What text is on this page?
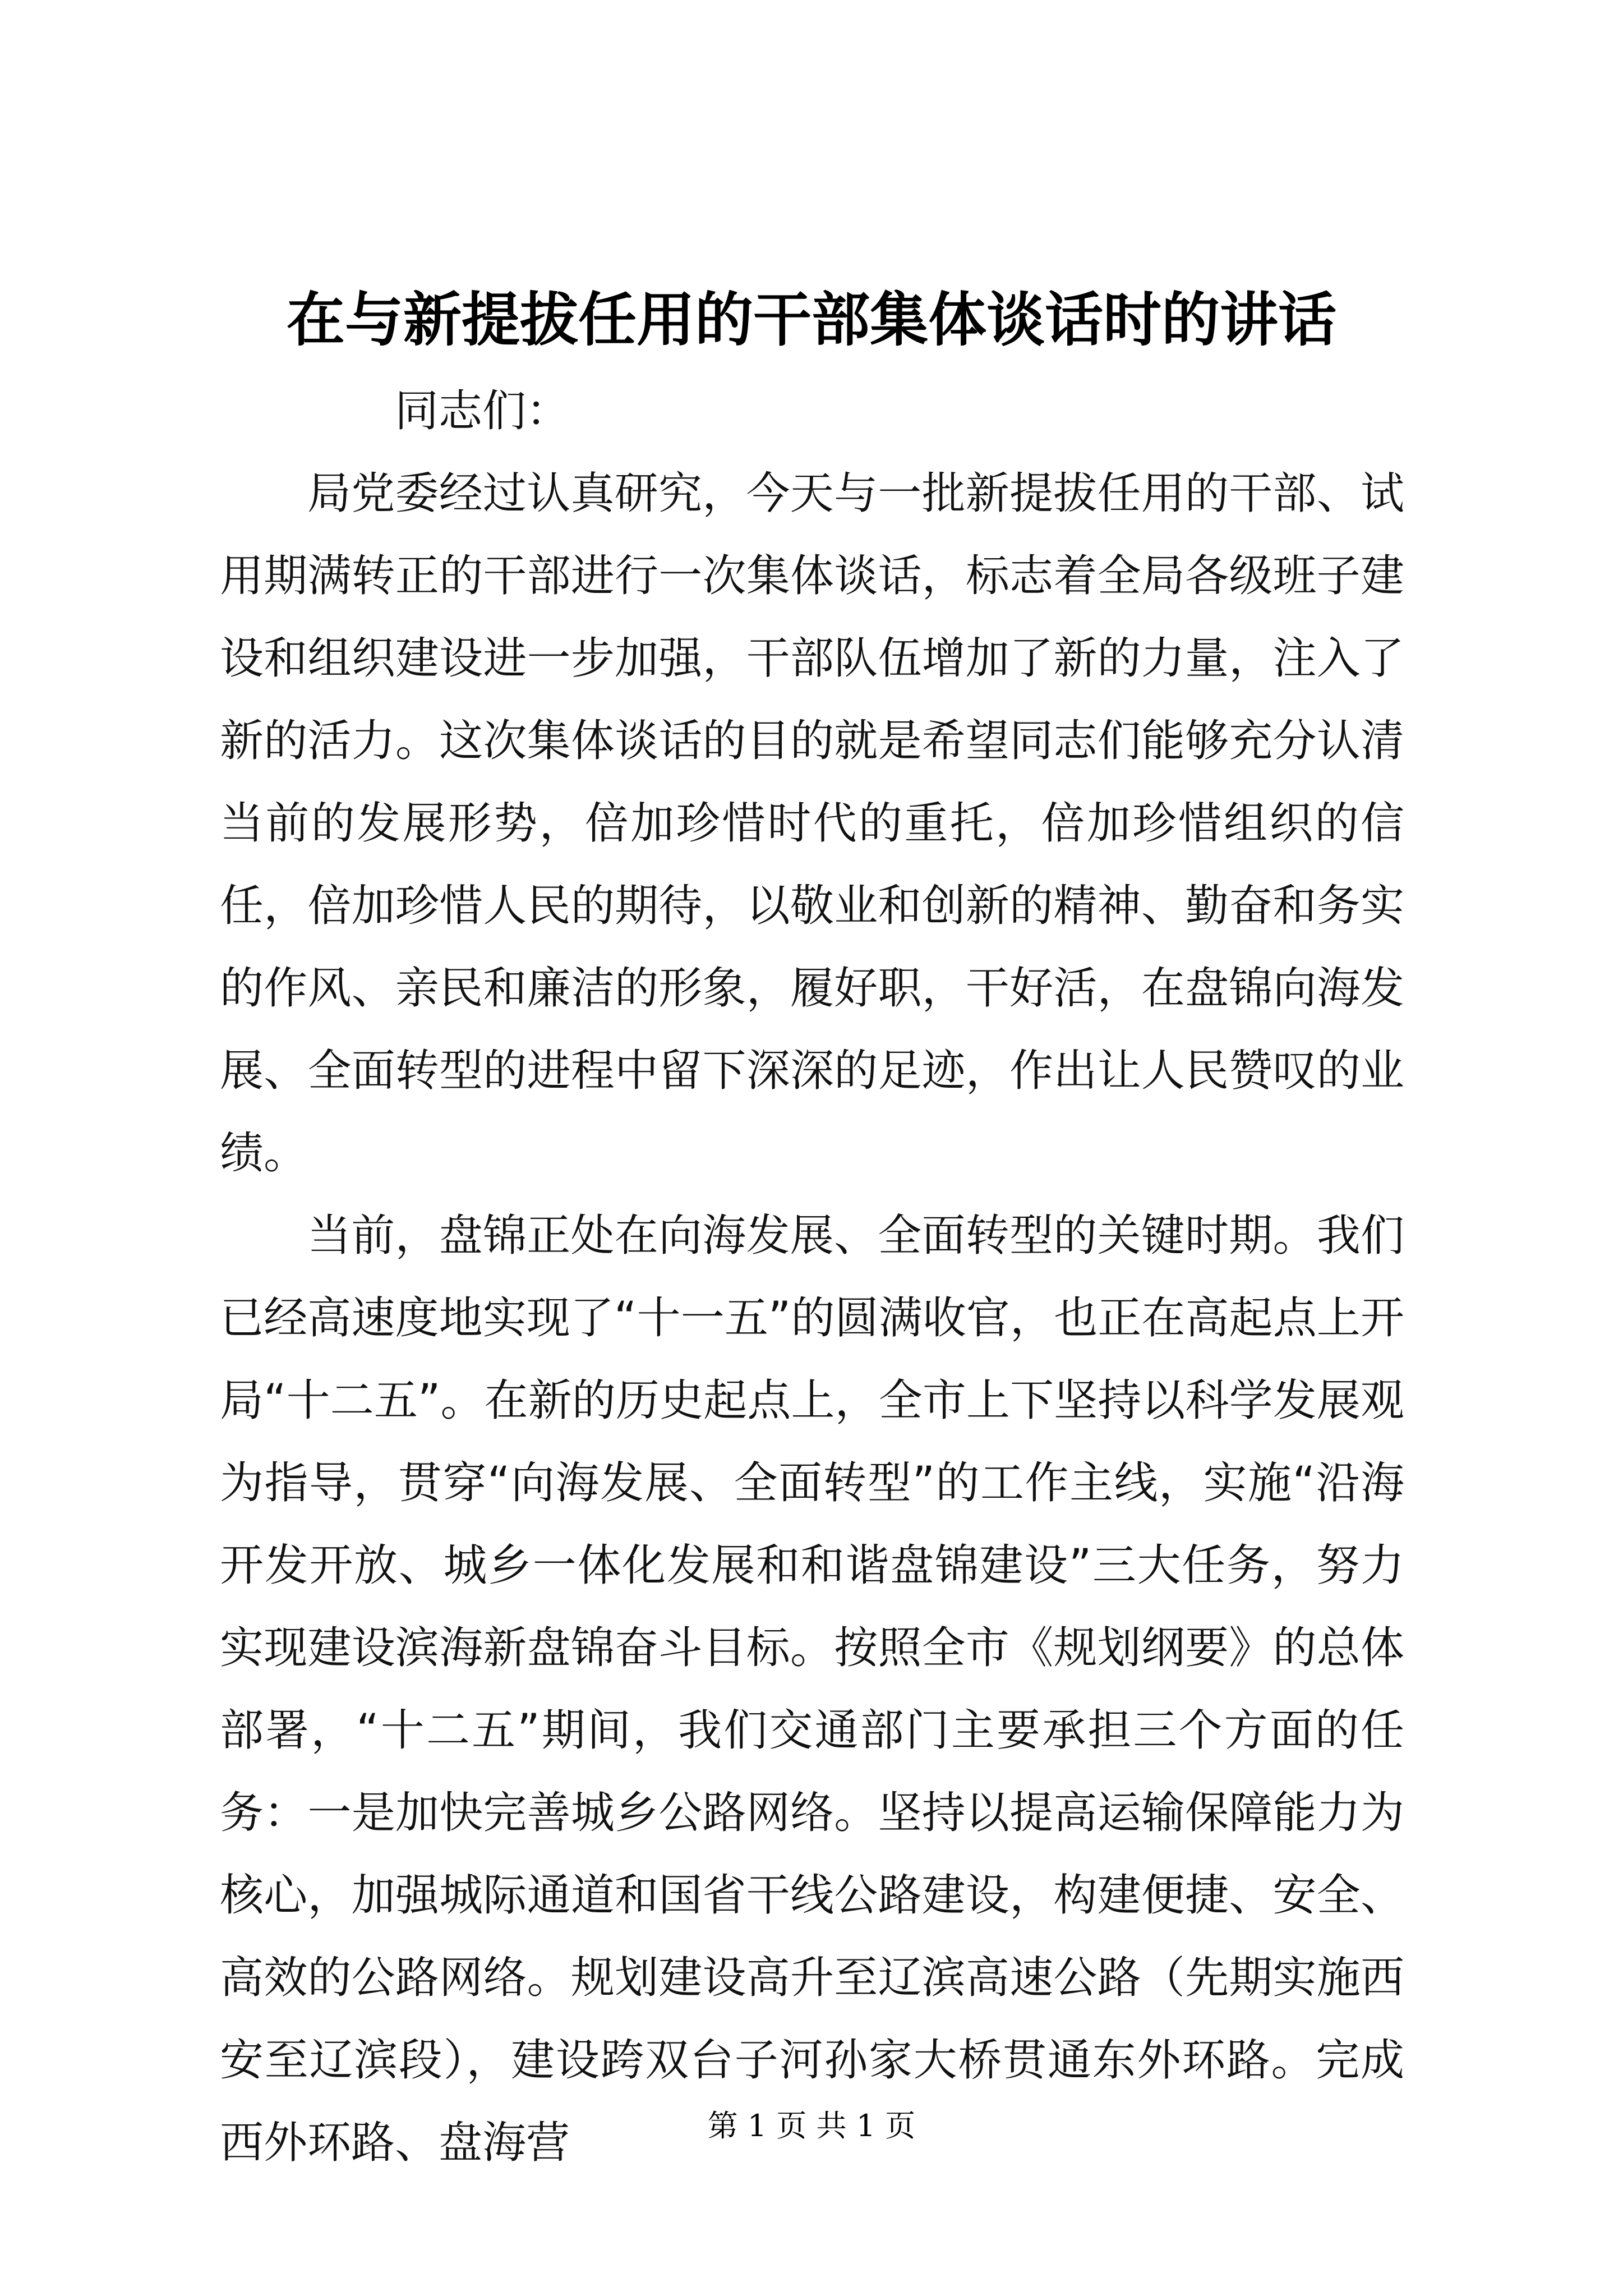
在与新提拔任用的干部集体谈话时的讲话

同志们：

局党委经过认真研究，今天与一批新提拔任用的干部、试用期满转正的干部进行一次集体谈话，标志着全局各级班子建设和组织建设进一步加强，干部队伍增加了新的力量，注入了新的活力。这次集体谈话的目的就是希望同志们能够充分认清当前的发展形势，倍加珍惜时代的重托，倍加珍惜组织的信任，倍加珍惜人民的期待，以敬业和创新的精神、勤奋和务实的作风、亲民和廉洁的形象，履好职，干好活，在盘锦向海发展、全面转型的进程中留下深深的足迹，作出让人民赞叹的业绩。

当前，盘锦正处在向海发展、全面转型的关键时期。我们已经高速度地实现了“十一五”的圆满收官，也正在高起点上开局“十二五”。在新的历史起点上，全市上下坚持以科学发展观为指导，贯穿“向海发展、全面转型”的工作主线，实施“沿海开发开放、城乡一体化发展和和谐盘锦建设”三大任务，努力实现建设滨海新盘锦奋斗目标。按照全市《规划纲要》的总体部署，“十二五”期间，我们交通部门主要承担三个方面的任务：一是加快完善城乡公路网络。坚持以提高运输保障能力为核心，加强城际通道和国省干线公路建设，构建便捷、安全、高效的公路网络。规划建设高升至辽滨高速公路（先期实施西安至辽滨段），建设跨双台子河孙家大桥贯通东外环路。完成西外环路、盘海营	第 1 页 共 1 页
